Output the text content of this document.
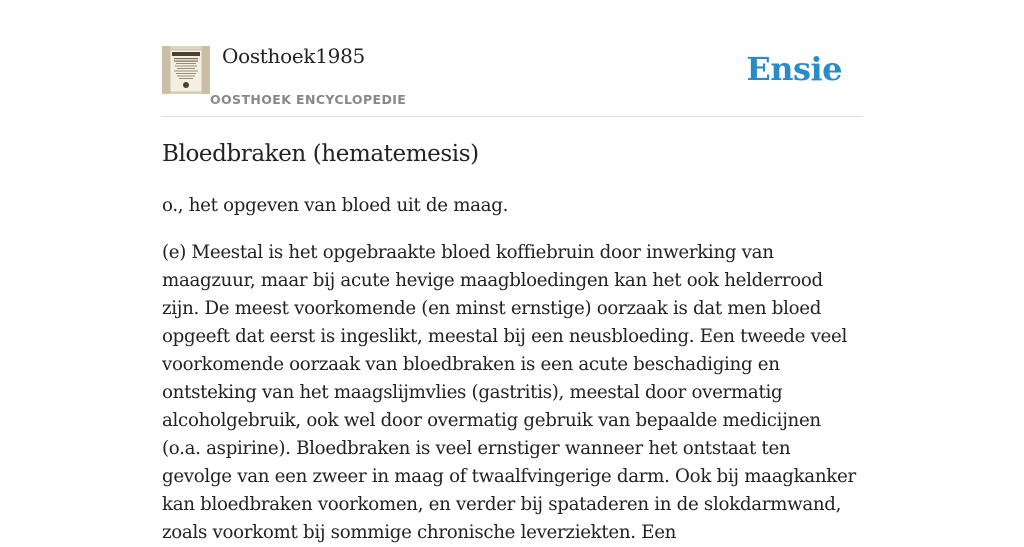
Oosthoek1985
OOSTHOEK ENCYCLOPEDIE
Ensie
Bloedbraken (hematemesis)

o., het opgeven van bloed uit de maag.

(e) Meestal is het opgebraakte bloed koffiebruin door inwerking van maagzuur, maar bij acute hevige maagbloedingen kan het ook helderrood zijn. De meest voorkomende (en minst ernstige) oorzaak is dat men bloed opgeeft dat eerst is ingeslikt, meestal bij een neusbloeding. Een tweede veel voorkomende oorzaak van bloedbraken is een acute beschadiging en ontsteking van het maagslijmvlies (gastritis), meestal door overmatig alcoholgebruik, ook wel door overmatig gebruik van bepaalde medicijnen (o.a. aspirine). Bloedbraken is veel ernstiger wanneer het ontstaat ten gevolge van een zweer in maag of twaalfvingerige darm. Ook bij maagkanker kan bloedbraken voorkomen, en verder bij spataderen in de slokdarmwand, zoals voorkomt bij sommige chronische leverziekten. Een
